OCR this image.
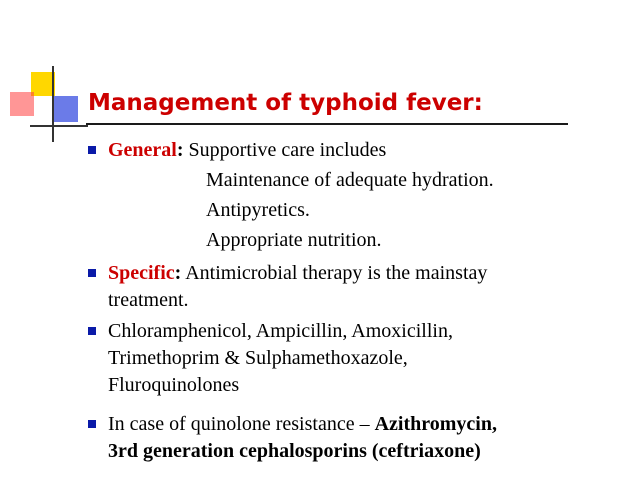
Management of typhoid fever:
General: Supportive care includes
Maintenance of adequate hydration.
Antipyretics.
Appropriate nutrition.
Specific: Antimicrobial therapy is the mainstay
treatment.
Chloramphenicol, Ampicillin, Amoxicillin,
Trimethoprim & Sulphamethoxazole,
Fluroquinolones
In case of quinolone resistance – Azithromycin,
3rd generation cephalosporins (ceftriaxone)
